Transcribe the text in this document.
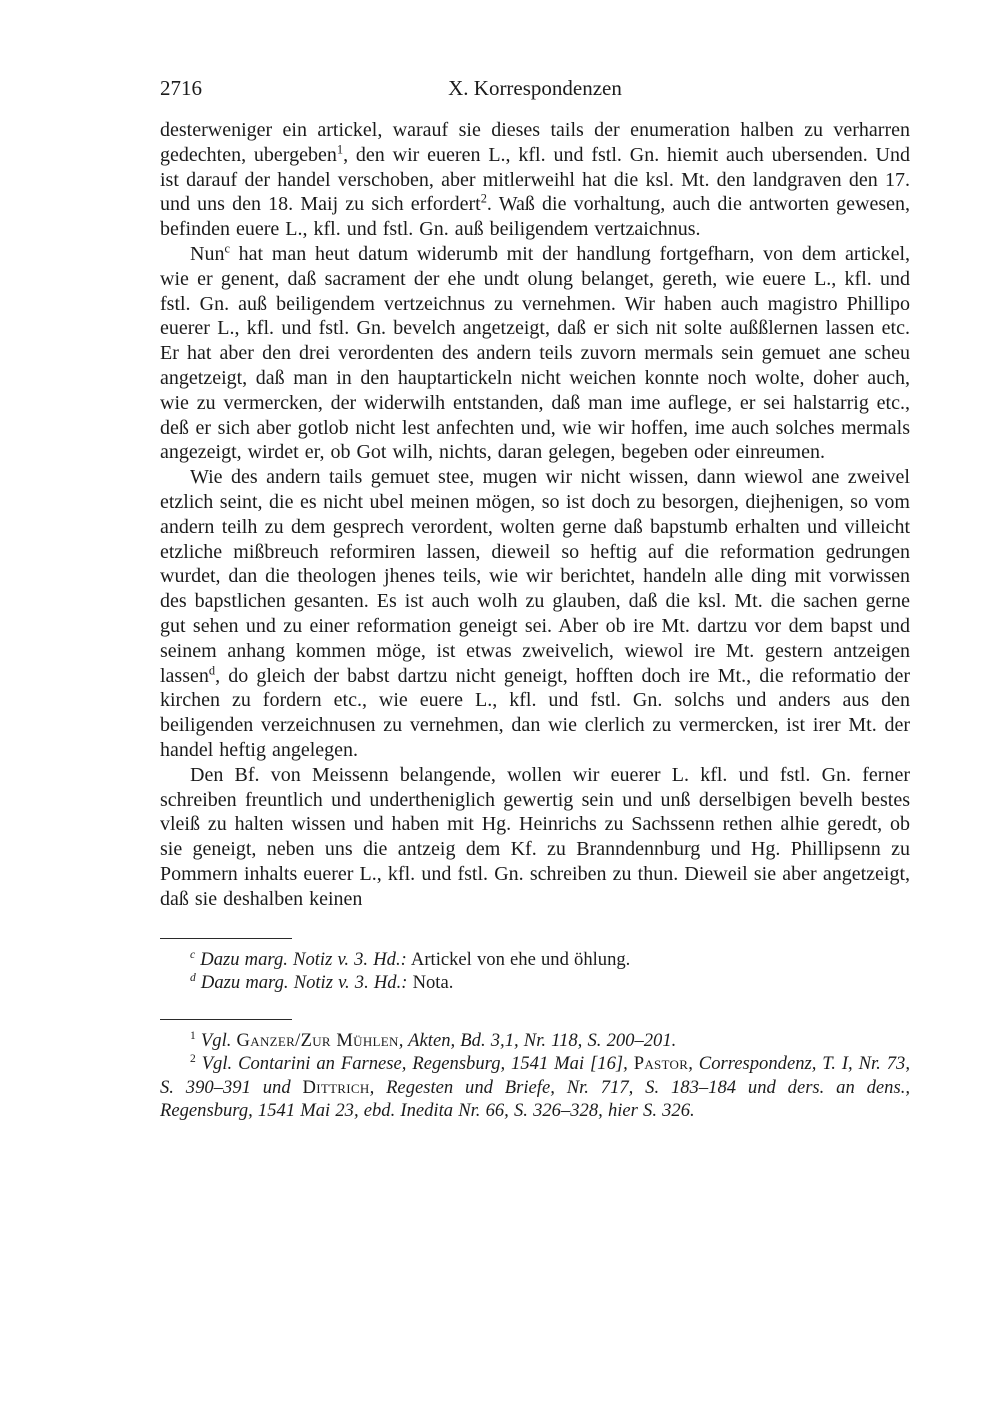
2716	X. Korrespondenzen

desterweniger ein artickel, warauf sie dieses tails der enumeration halben zu verharren gedechten, ubergeben$^1$, den wir eueren L., kfl. und fstl. Gn. hiemit auch ubersenden. Und ist darauf der handel verschoben, aber mitlerweihl hat die ksl. Mt. den landgraven den 17. und uns den 18. Maij zu sich erfordert$^2$. Waß die vorhaltung, auch die antworten gewesen, befinden euere L., kfl. und fstl. Gn. auß beiligendem vertzaichnus.

Nun$^c$ hat man heut datum widerumb mit der handlung fortgefharn, von dem artickel, wie er genent, daß sacrament der ehe undt olung belanget, gereth, wie euere L., kfl. und fstl. Gn. auß beiligendem vertzeichnus zu vernehmen. Wir haben auch magistro Phillipo euerer L., kfl. und fstl. Gn. bevelch angetzeigt, daß er sich nit solte außßlernen lassen etc. Er hat aber den drei verordenten des andern teils zuvorn mermals sein gemuet ane scheu angetzeigt, daß man in den hauptartickeln nicht weichen konnte noch wolte, doher auch, wie zu vermercken, der widerwilh entstanden, daß man ime auflege, er sei halstarrig etc., deß er sich aber gotlob nicht lest anfechten und, wie wir hoffen, ime auch solches mermals angezeigt, wirdet er, ob Got wilh, nichts, daran gelegen, begeben oder einreumen.

Wie des andern tails gemuet stee, mugen wir nicht wissen, dann wiewol ane zweivel etzlich seint, die es nicht ubel meinen mögen, so ist doch zu besorgen, diejhenigen, so vom andern teilh zu dem gesprech verordent, wolten gerne daß bapstumb erhalten und villeicht etzliche mißbreuch reformiren lassen, dieweil so heftig auf die reformation gedrungen wurdet, dan die theologen jhenes teils, wie wir berichtet, handeln alle ding mit vorwissen des bapstlichen gesanten. Es ist auch wolh zu glauben, daß die ksl. Mt. die sachen gerne gut sehen und zu einer reformation geneigt sei. Aber ob ire Mt. dartzu vor dem bapst und seinem anhang kommen möge, ist etwas zweivelich, wiewol ire Mt. gestern antzeigen lassen$^d$, do gleich der babst dartzu nicht geneigt, hofften doch ire Mt., die reformatio der kirchen zu fordern etc., wie euere L., kfl. und fstl. Gn. solchs und anders aus den beiligenden verzeichnusen zu vernehmen, dan wie clerlich zu vermercken, ist irer Mt. der handel heftig angelegen.

Den Bf. von Meissenn belangende, wollen wir euerer L. kfl. und fstl. Gn. ferner schreiben freuntlich und undertheniglich gewertig sein und unß derselbigen bevelh bestes vleiß zu halten wissen und haben mit Hg. Heinrichs zu Sachssenn rethen alhie geredt, ob sie geneigt, neben uns die antzeig dem Kf. zu Branndennburg und Hg. Phillipsenn zu Pommern inhalts euerer L., kfl. und fstl. Gn. schreiben zu thun. Dieweil sie aber angetzeigt, daß sie deshalben keinen

$^c$ Dazu marg. Notiz v. 3. Hd.: Artickel von ehe und öhlung.

$^d$ Dazu marg. Notiz v. 3. Hd.: Nota.

$^1$ Vgl. Ganzer/Zur Mühlen, Akten, Bd. 3,1, Nr. 118, S. 200–201.

$^2$ Vgl. Contarini an Farnese, Regensburg, 1541 Mai [16], Pastor, Correspondenz, T. I, Nr. 73, S. 390–391 und Dittrich, Regesten und Briefe, Nr. 717, S. 183–184 und ders. an dens., Regensburg, 1541 Mai 23, ebd. Inedita Nr. 66, S. 326–328, hier S. 326.
